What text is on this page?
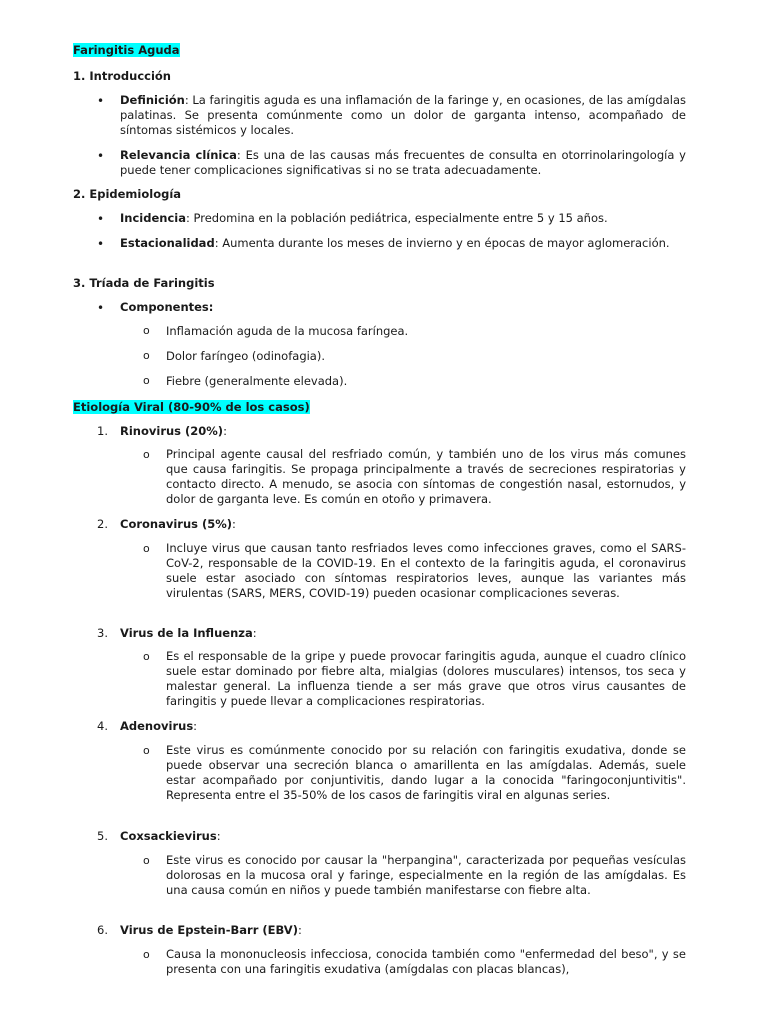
Faringitis Aguda
1. Introducción
• Definición: La faringitis aguda es una inflamación de la faringe y, en ocasiones, de las amígdalas palatinas. Se presenta comúnmente como un dolor de garganta intenso, acompañado de síntomas sistémicos y locales.
• Relevancia clínica: Es una de las causas más frecuentes de consulta en otorrinolaringología y puede tener complicaciones significativas si no se trata adecuadamente.
2. Epidemiología
• Incidencia: Predomina en la población pediátrica, especialmente entre 5 y 15 años.
• Estacionalidad: Aumenta durante los meses de invierno y en épocas de mayor aglomeración.
3. Tríada de Faringitis
• Componentes:
o Inflamación aguda de la mucosa faríngea.
o Dolor faríngeo (odinofagia).
o Fiebre (generalmente elevada).
Etiología Viral (80-90% de los casos)
1. Rinovirus (20%):
o Principal agente causal del resfriado común, y también uno de los virus más comunes que causa faringitis. Se propaga principalmente a través de secreciones respiratorias y contacto directo. A menudo, se asocia con síntomas de congestión nasal, estornudos, y dolor de garganta leve. Es común en otoño y primavera.
2. Coronavirus (5%):
o Incluye virus que causan tanto resfriados leves como infecciones graves, como el SARS-CoV-2, responsable de la COVID-19. En el contexto de la faringitis aguda, el coronavirus suele estar asociado con síntomas respiratorios leves, aunque las variantes más virulentas (SARS, MERS, COVID-19) pueden ocasionar complicaciones severas.
3. Virus de la Influenza:
o Es el responsable de la gripe y puede provocar faringitis aguda, aunque el cuadro clínico suele estar dominado por fiebre alta, mialgias (dolores musculares) intensos, tos seca y malestar general. La influenza tiende a ser más grave que otros virus causantes de faringitis y puede llevar a complicaciones respiratorias.
4. Adenovirus:
o Este virus es comúnmente conocido por su relación con faringitis exudativa, donde se puede observar una secreción blanca o amarillenta en las amígdalas. Además, suele estar acompañado por conjuntivitis, dando lugar a la conocida "faringoconjuntivitis". Representa entre el 35-50% de los casos de faringitis viral en algunas series.
5. Coxsackievirus:
o Este virus es conocido por causar la "herpangina", caracterizada por pequeñas vesículas dolorosas en la mucosa oral y faringe, especialmente en la región de las amígdalas. Es una causa común en niños y puede también manifestarse con fiebre alta.
6. Virus de Epstein-Barr (EBV):
o Causa la mononucleosis infecciosa, conocida también como "enfermedad del beso", y se presenta con una faringitis exudativa (amígdalas con placas blancas),
